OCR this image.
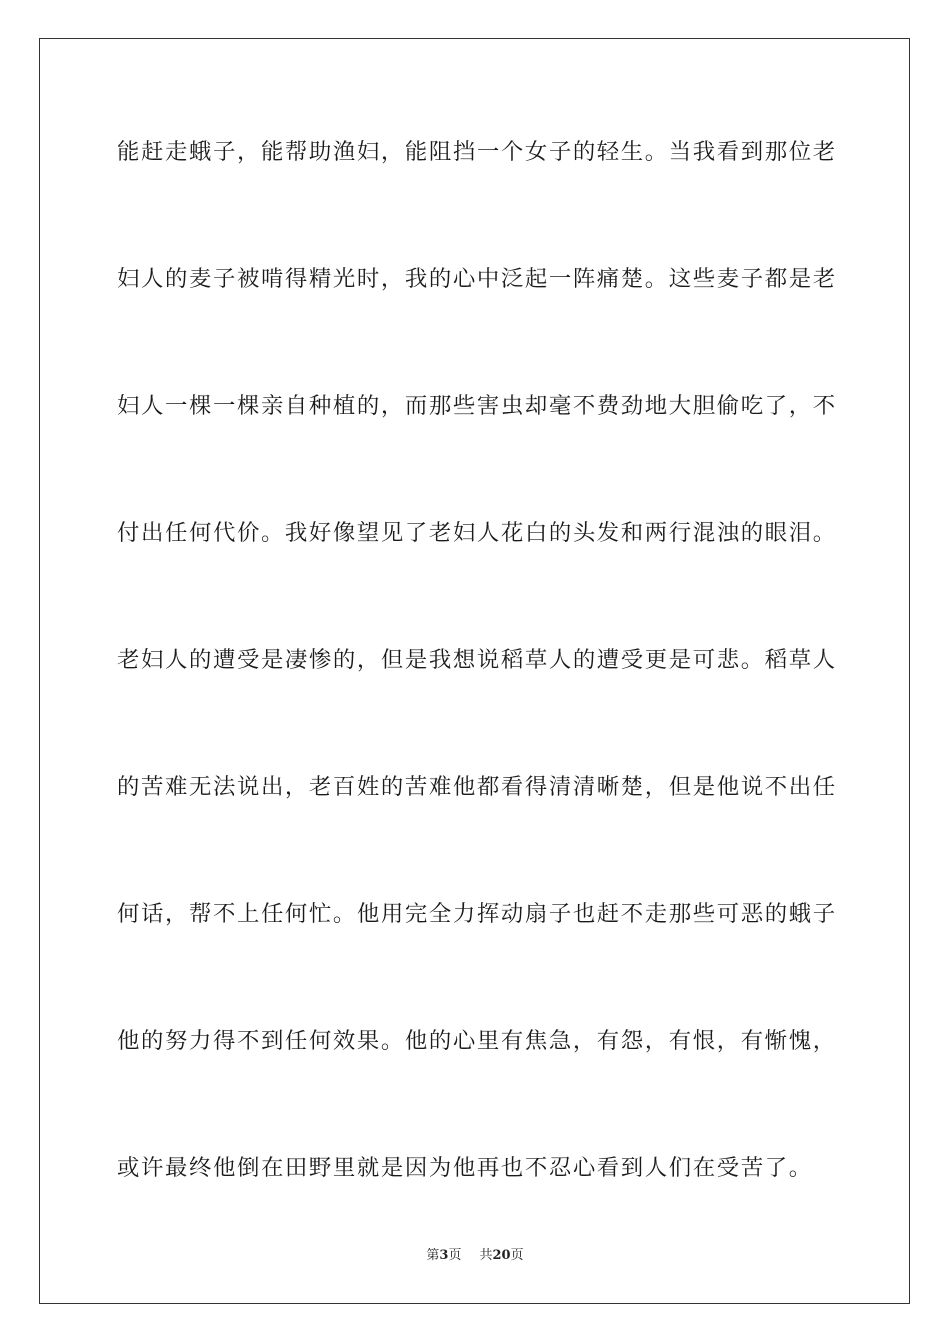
能赶走蛾子，能帮助渔妇，能阻挡一个女子的轻生。当我看到那位老
妇人的麦子被啃得精光时，我的心中泛起一阵痛楚。这些麦子都是老
妇人一棵一棵亲自种植的，而那些害虫却毫不费劲地大胆偷吃了，不
付出任何代价。我好像望见了老妇人花白的头发和两行混浊的眼泪。
老妇人的遭受是凄惨的，但是我想说稻草人的遭受更是可悲。稻草人
的苦难无法说出，老百姓的苦难他都看得清清晰楚，但是他说不出任
何话，帮不上任何忙。他用完全力挥动扇子也赶不走那些可恶的蛾子
他的努力得不到任何效果。他的心里有焦急，有怨，有恨，有惭愧，
或许最终他倒在田野里就是因为他再也不忍心看到人们在受苦了。
第3页 共20页
